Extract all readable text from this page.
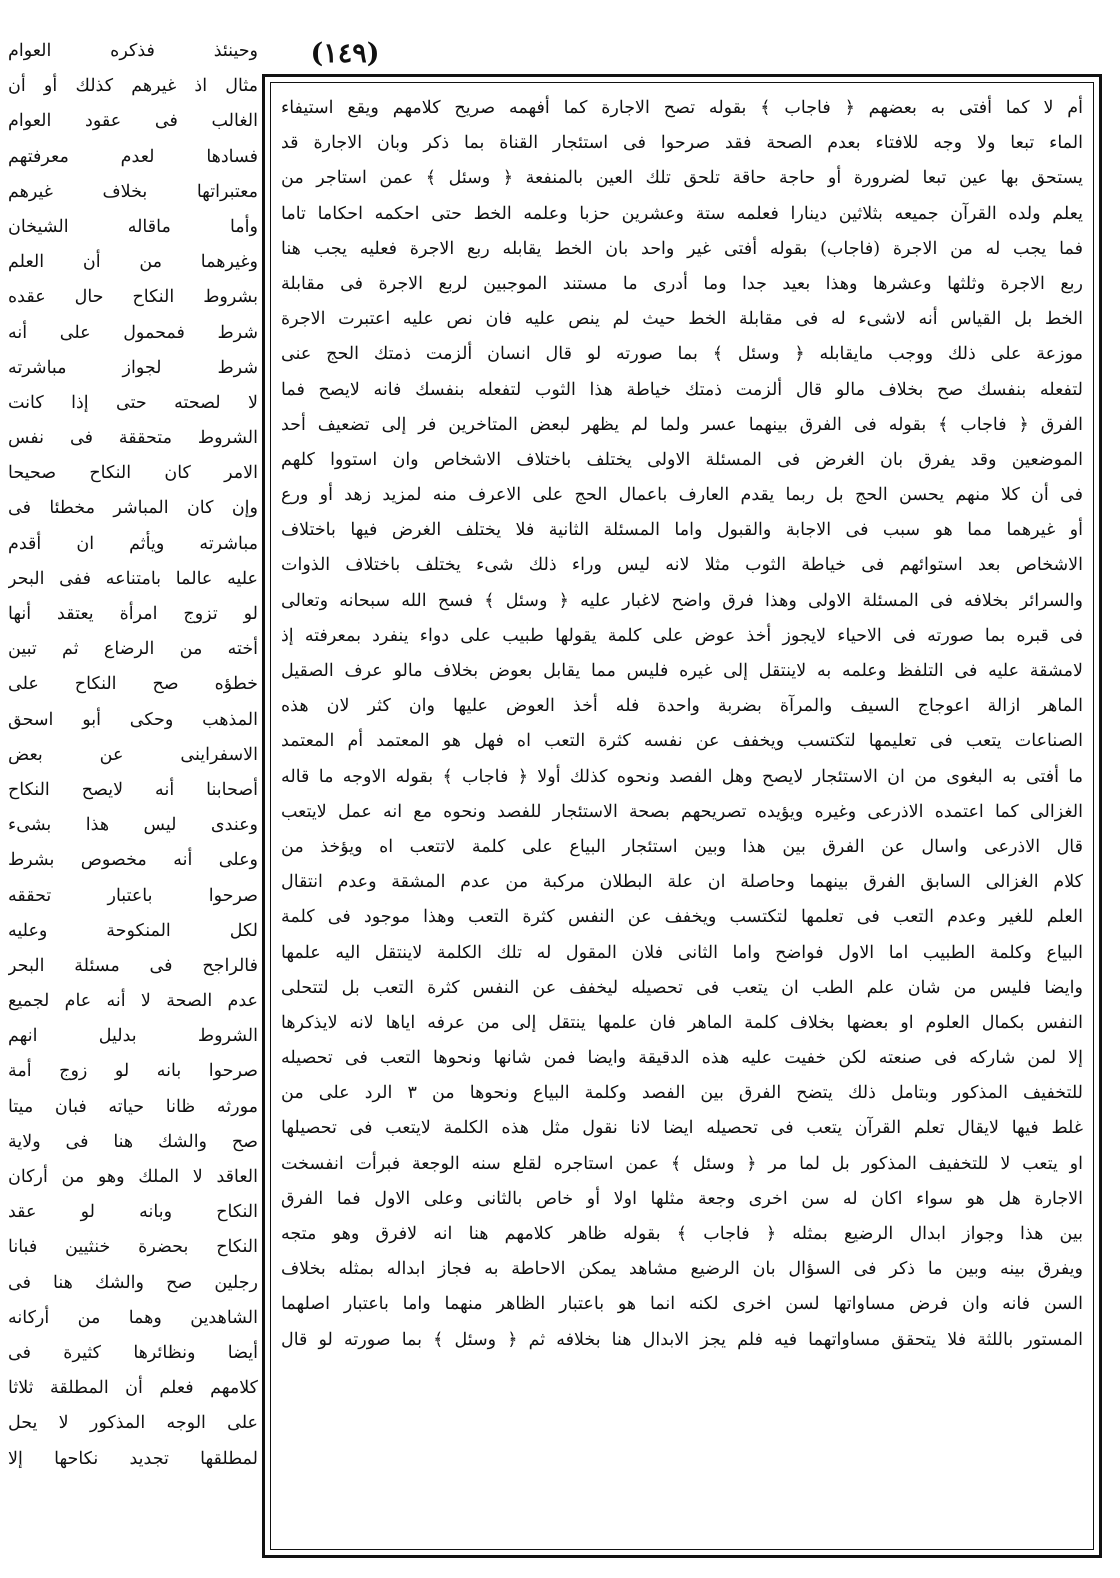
(١٤٩)
وحينئذ فذكره العوام
مثال اذ غيرهم كذلك أو أن
الغالب فى عقود العوام
فسادها لعدم معرفتهم
معتبراتها بخلاف غيرهم
وأما ماقاله الشيخان
وغيرهما من أن العلم
بشروط النكاح حال عقده
شرط فمحمول على أنه
شرط لجواز مباشرته
لا لصحته حتى إذا كانت
الشروط متحققة فى نفس
الامر كان النكاح صحيحا
وإن كان المباشر مخطئا فى
مباشرته ويأثم ان أقدم
عليه عالما بامتناعه ففى البحر
لو تزوج امرأة يعتقد أنها
أخته من الرضاع ثم تبين
خطؤه صح النكاح على
المذهب وحكى أبو اسحق
الاسفراينى عن بعض
أصحابنا أنه لايصح النكاح
وعندى ليس هذا بشىء
وعلى أنه مخصوص بشرط
صرحوا باعتبار تحققه
لكل المنكوحة وعليه
فالراجح فى مسئلة البحر
عدم الصحة لا أنه عام لجميع
الشروط بدليل انهم
صرحوا بانه لو زوج أمة
مورثه ظانا حياته فبان ميتا
صح والشك هنا فى ولاية
العاقد لا الملك وهو من أركان
النكاح وبانه لو عقد
النكاح بحضرة خنثيين فبانا
رجلين صح والشك هنا فى
الشاهدين وهما من أركانه
أيضا ونظائرها كثيرة فى
كلامهم فعلم أن المطلقة ثلاثا
على الوجه المذكور لا يحل
لمطلقها تجديد نكاحها إلا
أم لا كما أفتى به بعضهم ﴿ فاجاب ﴾ بقوله تصح الاجارة كما أفهمه صريح كلامهم ويقع استيفاء
الماء تبعا ولا وجه للافتاء بعدم الصحة فقد صرحوا فى استئجار القناة بما ذكر وبان الاجارة قد
يستحق بها عين تبعا لضرورة أو حاجة حاقة تلحق تلك العين بالمنفعة ﴿ وسئل ﴾ عمن استاجر من
يعلم ولده القرآن جميعه بثلاثين دينارا فعلمه ستة وعشرين حزبا وعلمه الخط حتى احكمه احكاما تاما
فما يجب له من الاجرة (فاجاب) بقوله أفتى غير واحد بان الخط يقابله ربع الاجرة فعليه يجب هنا
ربع الاجرة وثلثها وعشرها وهذا بعيد جدا وما أدرى ما مستند الموجبين لربع الاجرة فى مقابلة
الخط بل القياس أنه لاشىء له فى مقابلة الخط حيث لم ينص عليه فان نص عليه اعتبرت الاجرة
موزعة على ذلك ووجب مايقابله ﴿ وسئل ﴾ بما صورته لو قال انسان ألزمت ذمتك الحج عنى
لتفعله بنفسك صح بخلاف مالو قال ألزمت ذمتك خياطة هذا الثوب لتفعله بنفسك فانه لايصح فما
الفرق ﴿ فاجاب ﴾ بقوله فى الفرق بينهما عسر ولما لم يظهر لبعض المتاخرين فر إلى تضعيف أحد
الموضعين وقد يفرق بان الغرض فى المسئلة الاولى يختلف باختلاف الاشخاص وان استووا كلهم
فى أن كلا منهم يحسن الحج بل ربما يقدم العارف باعمال الحج على الاعرف منه لمزيد زهد أو ورع
أو غيرهما مما هو سبب فى الاجابة والقبول واما المسئلة الثانية فلا يختلف الغرض فيها باختلاف
الاشخاص بعد استوائهم فى خياطة الثوب مثلا لانه ليس وراء ذلك شىء يختلف باختلاف الذوات
والسرائر بخلافه فى المسئلة الاولى وهذا فرق واضح لاغبار عليه ﴿ وسئل ﴾ فسح الله سبحانه وتعالى
فى قبره بما صورته فى الاحياء لايجوز أخذ عوض على كلمة يقولها طبيب على دواء ينفرد بمعرفته إذ
لامشقة عليه فى التلفظ وعلمه به لاينتقل إلى غيره فليس مما يقابل بعوض بخلاف مالو عرف الصقيل
الماهر ازالة اعوجاج السيف والمرآة بضربة واحدة فله أخذ العوض عليها وان كثر لان هذه
الصناعات يتعب فى تعليمها لتكتسب ويخفف عن نفسه كثرة التعب اه فهل هو المعتمد أم المعتمد
ما أفتى به البغوى من ان الاستئجار لايصح وهل الفصد ونحوه كذلك أولا ﴿ فاجاب ﴾ بقوله الاوجه ما قاله
الغزالى كما اعتمده الاذرعى وغيره ويؤيده تصريحهم بصحة الاستئجار للفصد ونحوه مع انه عمل لايتعب
قال الاذرعى واسال عن الفرق بين هذا وبين استئجار البياع على كلمة لاتتعب اه ويؤخذ من
كلام الغزالى السابق الفرق بينهما وحاصلة ان علة البطلان مركبة من عدم المشقة وعدم انتقال
العلم للغير وعدم التعب فى تعلمها لتكتسب ويخفف عن النفس كثرة التعب وهذا موجود فى كلمة
البياع وكلمة الطبيب اما الاول فواضح واما الثانى فلان المقول له تلك الكلمة لاينتقل اليه علمها
وايضا فليس من شان علم الطب ان يتعب فى تحصيله ليخفف عن النفس كثرة التعب بل لتتحلى
النفس بكمال العلوم او بعضها بخلاف كلمة الماهر فان علمها ينتقل إلى من عرفه اياها لانه لايذكرها
إلا لمن شاركه فى صنعته لكن خفيت عليه هذه الدقيقة وايضا فمن شانها ونحوها التعب فى تحصيله
للتخفيف المذكور وبتامل ذلك يتضح الفرق بين الفصد وكلمة البياع ونحوها من ٣ الرد على من
غلط فيها لايقال تعلم القرآن يتعب فى تحصيله ايضا لانا نقول مثل هذه الكلمة لايتعب فى تحصيلها
او يتعب لا للتخفيف المذكور بل لما مر ﴿ وسئل ﴾ عمن استاجره لقلع سنه الوجعة فبرأت انفسخت
الاجارة هل هو سواء اكان له سن اخرى وجعة مثلها اولا أو خاص بالثانى وعلى الاول فما الفرق
بين هذا وجواز ابدال الرضيع بمثله ﴿ فاجاب ﴾ بقوله ظاهر كلامهم هنا انه لافرق وهو متجه
ويفرق بينه وبين ما ذكر فى السؤال بان الرضيع مشاهد يمكن الاحاطة به فجاز ابداله بمثله بخلاف
السن فانه وان فرض مساواتها لسن اخرى لكنه انما هو باعتبار الظاهر منهما واما باعتبار اصلهما
المستور باللثة فلا يتحقق مساواتهما فيه فلم يجز الابدال هنا بخلافه ثم ﴿ وسئل ﴾ بما صورته لو قال
